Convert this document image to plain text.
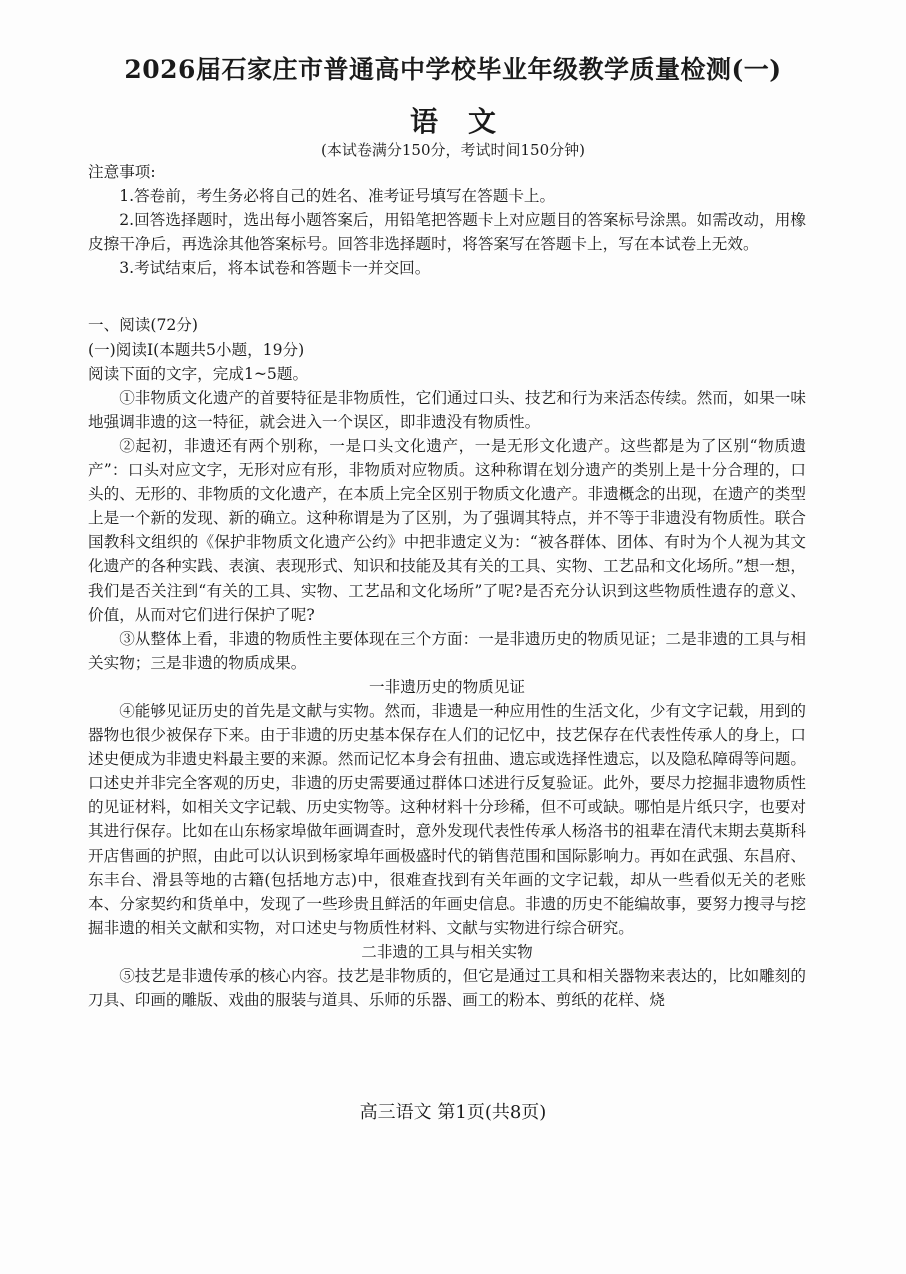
2026届石家庄市普通高中学校毕业年级教学质量检测(一)
语文
(本试卷满分150分，考试时间150分钟)

注意事项:

1.答卷前，考生务必将自己的姓名、准考证号填写在答题卡上。

2.回答选择题时，选出每小题答案后，用铅笔把答题卡上对应题目的答案标号涂黑。如需改动，用橡皮擦干净后，再选涂其他答案标号。回答非选择题时，将答案写在答题卡上，写在本试卷上无效。

3.考试结束后，将本试卷和答题卡一并交回。

一、阅读(72分)

(一)阅读Ⅰ(本题共5小题，19分)

阅读下面的文字，完成1~5题。

①非物质文化遗产的首要特征是非物质性，它们通过口头、技艺和行为来活态传续。然而，如果一味地强调非遗的这一特征，就会进入一个误区，即非遗没有物质性。

②起初，非遗还有两个别称，一是口头文化遗产，一是无形文化遗产。这些都是为了区别“物质遗产”：口头对应文字，无形对应有形，非物质对应物质。这种称谓在划分遗产的类别上是十分合理的，口头的、无形的、非物质的文化遗产，在本质上完全区别于物质文化遗产。非遗概念的出现，在遗产的类型上是一个新的发现、新的确立。这种称谓是为了区别，为了强调其特点，并不等于非遗没有物质性。联合国教科文组织的《保护非物质文化遗产公约》中把非遗定义为：“被各群体、团体、有时为个人视为其文化遗产的各种实践、表演、表现形式、知识和技能及其有关的工具、实物、工艺品和文化场所。”想一想，我们是否关注到“有关的工具、实物、工艺品和文化场所”了呢?是否充分认识到这些物质性遗存的意义、价值，从而对它们进行保护了呢?

③从整体上看，非遗的物质性主要体现在三个方面：一是非遗历史的物质见证；二是非遗的工具与相关实物；三是非遗的物质成果。

一非遗历史的物质见证

④能够见证历史的首先是文献与实物。然而，非遗是一种应用性的生活文化，少有文字记载，用到的器物也很少被保存下来。由于非遗的历史基本保存在人们的记忆中，技艺保存在代表性传承人的身上，口述史便成为非遗史料最主要的来源。然而记忆本身会有扭曲、遗忘或选择性遗忘，以及隐私障碍等问题。口述史并非完全客观的历史，非遗的历史需要通过群体口述进行反复验证。此外，要尽力挖掘非遗物质性的见证材料，如相关文字记载、历史实物等。这种材料十分珍稀，但不可或缺。哪怕是片纸只字，也要对其进行保存。比如在山东杨家埠做年画调查时，意外发现代表性传承人杨洛书的祖辈在清代末期去莫斯科开店售画的护照，由此可以认识到杨家埠年画极盛时代的销售范围和国际影响力。再如在武强、东昌府、东丰台、滑县等地的古籍(包括地方志)中，很难查找到有关年画的文字记载，却从一些看似无关的老账本、分家契约和货单中，发现了一些珍贵且鲜活的年画史信息。非遗的历史不能编故事，要努力搜寻与挖掘非遗的相关文献和实物，对口述史与物质性材料、文献与实物进行综合研究。

二非遗的工具与相关实物

⑤技艺是非遗传承的核心内容。技艺是非物质的，但它是通过工具和相关器物来表达的，比如雕刻的刀具、印画的雕版、戏曲的服装与道具、乐师的乐器、画工的粉本、剪纸的花样、烧

高三语文 第1页(共8页)
